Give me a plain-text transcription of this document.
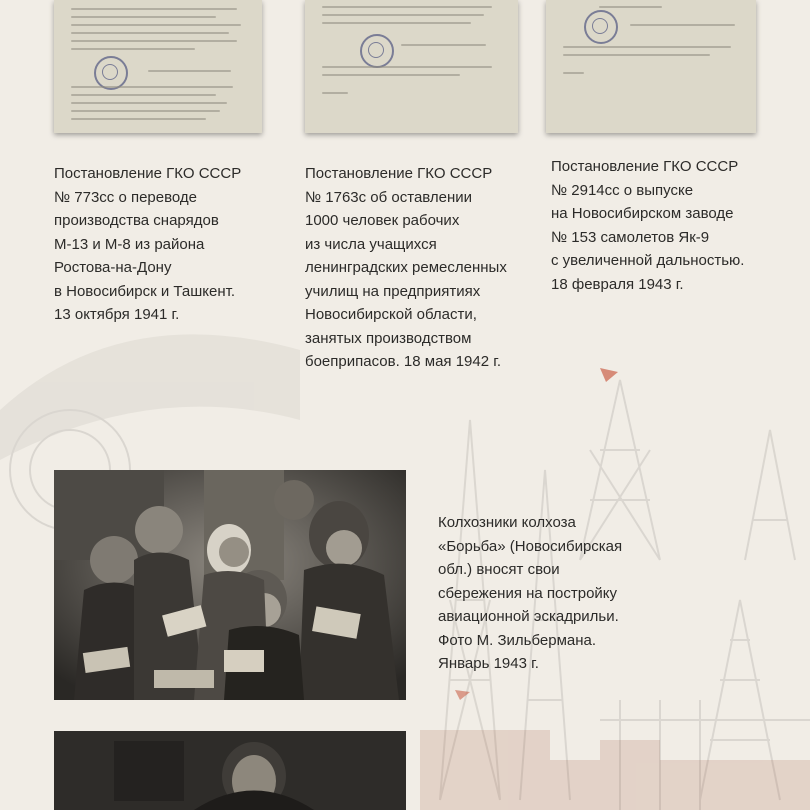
Постановление ГКО СССР
№ 773сс о переводе
производства снарядов
М-13 и М-8 из района
Ростова-на-Дону
в Новосибирск и Ташкент.
13 октября 1941 г.
Постановление ГКО СССР
№ 1763с об оставлении
1000 человек рабочих
из числа учащихся
ленинградских ремесленных
училищ на предприятиях
Новосибирской области,
занятых производством
боеприпасов. 18 мая 1942 г.
Постановление ГКО СССР
№ 2914сс о выпуске
на Новосибирском заводе
№ 153 самолетов Як-9
с увеличенной дальностью.
18 февраля 1943 г.
Колхозники колхоза
«Борьба» (Новосибирская
обл.) вносят свои
сбережения на постройку
авиационной эскадрильи.
Фото М. Зильбермана.
Январь 1943 г.
